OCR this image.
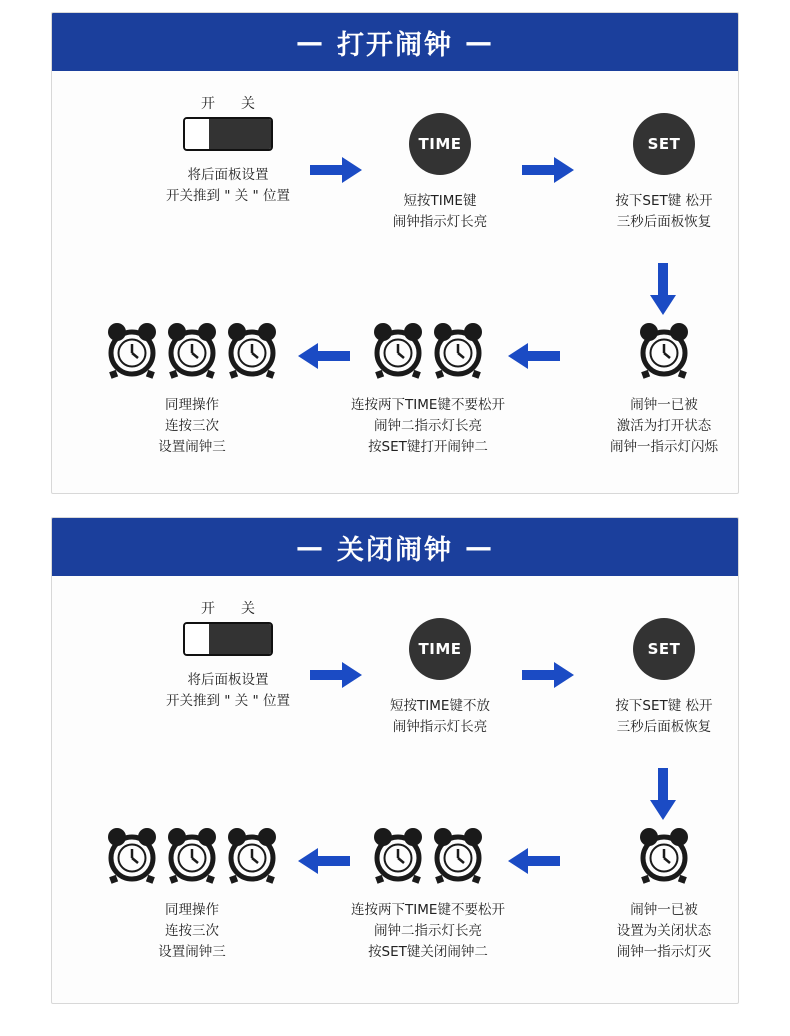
— 打开闹钟 —
开 关
将后面板设置
开关推到 " 关 " 位置
TIME
短按TIME键
闹钟指示灯长亮
SET
按下SET键 松开
三秒后面板恢复
闹钟一已被
激活为打开状态
闹钟一指示灯闪烁
连按两下TIME键不要松开
闹钟二指示灯长亮
按SET键打开闹钟二
同理操作
连按三次
设置闹钟三
— 关闭闹钟 —
开 关
将后面板设置
开关推到 " 关 " 位置
TIME
短按TIME键不放
闹钟指示灯长亮
SET
按下SET键 松开
三秒后面板恢复
闹钟一已被
设置为关闭状态
闹钟一指示灯灭
连按两下TIME键不要松开
闹钟二指示灯长亮
按SET键关闭闹钟二
同理操作
连按三次
设置闹钟三
